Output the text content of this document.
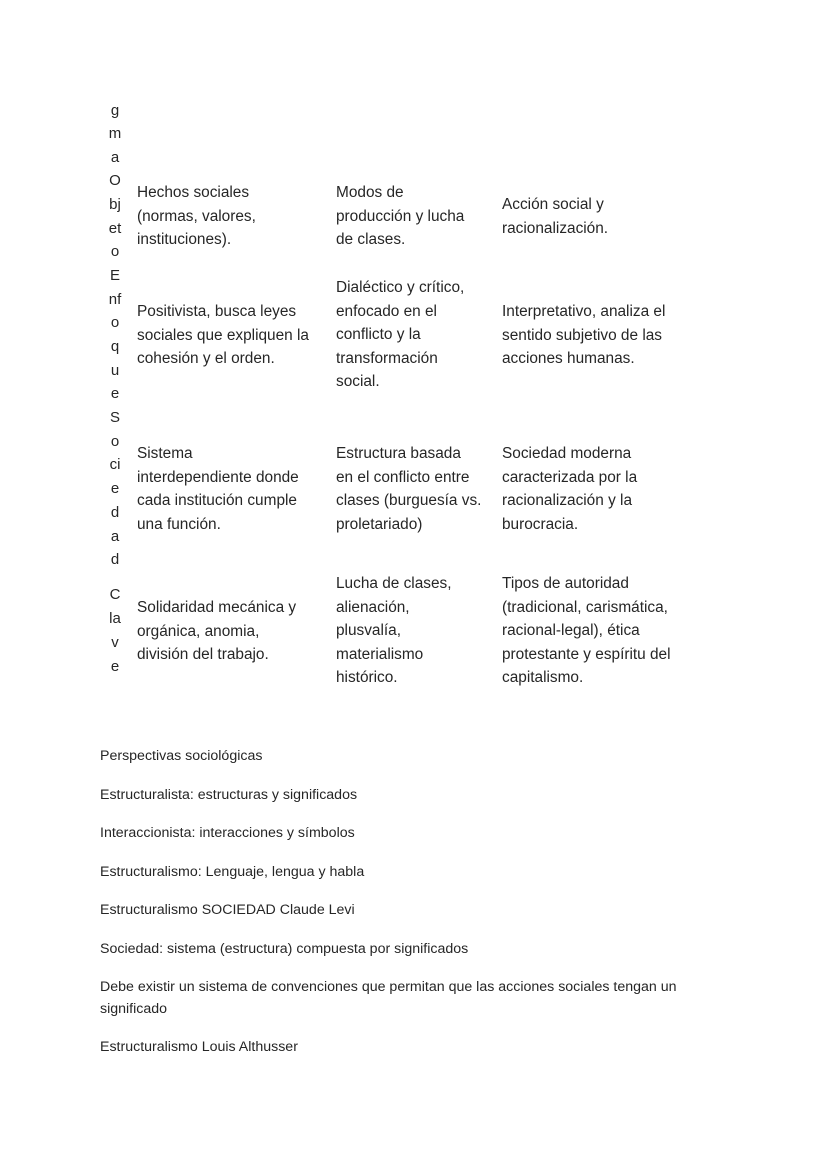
g
m
a
O
bj
et
o
E
nf
o
q
u
e
S
o
ci
e
d
a
d
C
la
v
e
Hechos sociales
(normas, valores,
instituciones).
Modos de
producción y lucha
de clases.
Acción social y
racionalización.
Positivista, busca leyes
sociales que expliquen la
cohesión y el orden.
Dialéctico y crítico,
enfocado en el
conflicto y la
transformación
social.
Interpretativo, analiza el
sentido subjetivo de las
acciones humanas.
Sistema
interdependiente donde
cada institución cumple
una función.
Estructura basada
en el conflicto entre
clases (burguesía vs.
proletariado)
Sociedad moderna
caracterizada por la
racionalización y la
burocracia.
Solidaridad mecánica y
orgánica, anomia,
división del trabajo.
Lucha de clases,
alienación,
plusvalía,
materialismo
histórico.
Tipos de autoridad
(tradicional, carismática,
racional-legal), ética
protestante y espíritu del
capitalismo.

Perspectivas sociológicas

Estructuralista: estructuras y significados

Interaccionista: interacciones y símbolos

Estructuralismo: Lenguaje, lengua y habla

Estructuralismo SOCIEDAD Claude Levi

Sociedad: sistema (estructura) compuesta por significados

Debe existir un sistema de convenciones que permitan que las acciones sociales tengan un
significado

Estructuralismo Louis Althusser
